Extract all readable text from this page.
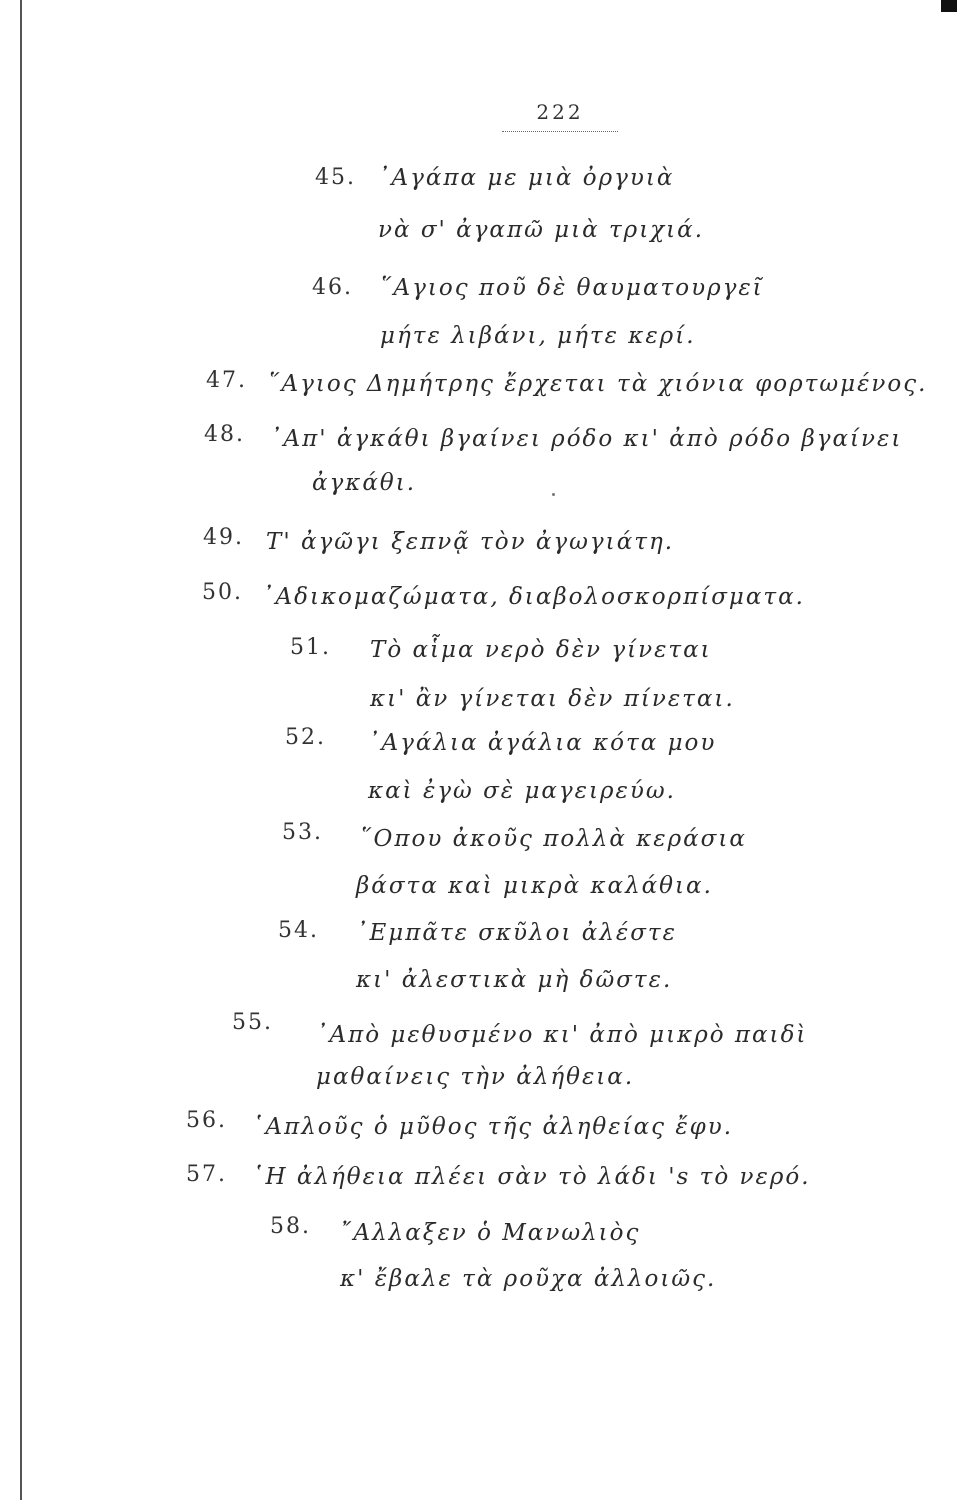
222
45. ᾿Αγάπα με μιὰ ὀργυιὰ
νὰ σ' ἀγαπῶ μιὰ τριχιά.
46. ῞Αγιος ποῦ δὲ θαυματουργεῖ
μήτε λιβάνι, μήτε κερί.
47. ῞Αγιος Δημήτρης ἔρχεται τὰ χιόνια φορτωμένος.
48. ᾿Απ' ἀγκάθι βγαίνει ρόδο κι' ἀπὸ ρόδο βγαίνει
ἀγκάθι.
49. Τ' ἀγῶγι ξεπνᾷ τὸν ἀγωγιάτη.
50. ᾿Αδικομαζώματα, διαβολοσκορπίσματα.
51. Τὸ αἷμα νερὸ δὲν γίνεται
κι' ἂν γίνεται δὲν πίνεται.
52. ᾿Αγάλια ἀγάλια κότα μου
καὶ ἐγὼ σὲ μαγειρεύω.
53. ῞Οπου ἀκοῦς πολλὰ κεράσια
βάστα καὶ μικρὰ καλάθια.
54. ᾿Εμπᾶτε σκῦλοι ἀλέστε
κι' ἀλεστικὰ μὴ δῶστε.
55. ᾿Απὸ μεθυσμένο κι' ἀπὸ μικρὸ παιδὶ
μαθαίνεις τὴν ἀλήθεια.
56. ῾Απλοῦς ὁ μῦθος τῆς ἀληθείας ἔφυ.
57. ῾Η ἀλήθεια πλέει σὰν τὸ λάδι 's τὸ νερό.
58. ῎Αλλαξεν ὁ Μανωλιὸς
κ' ἔβαλε τὰ ροῦχα ἀλλοιῶς.
